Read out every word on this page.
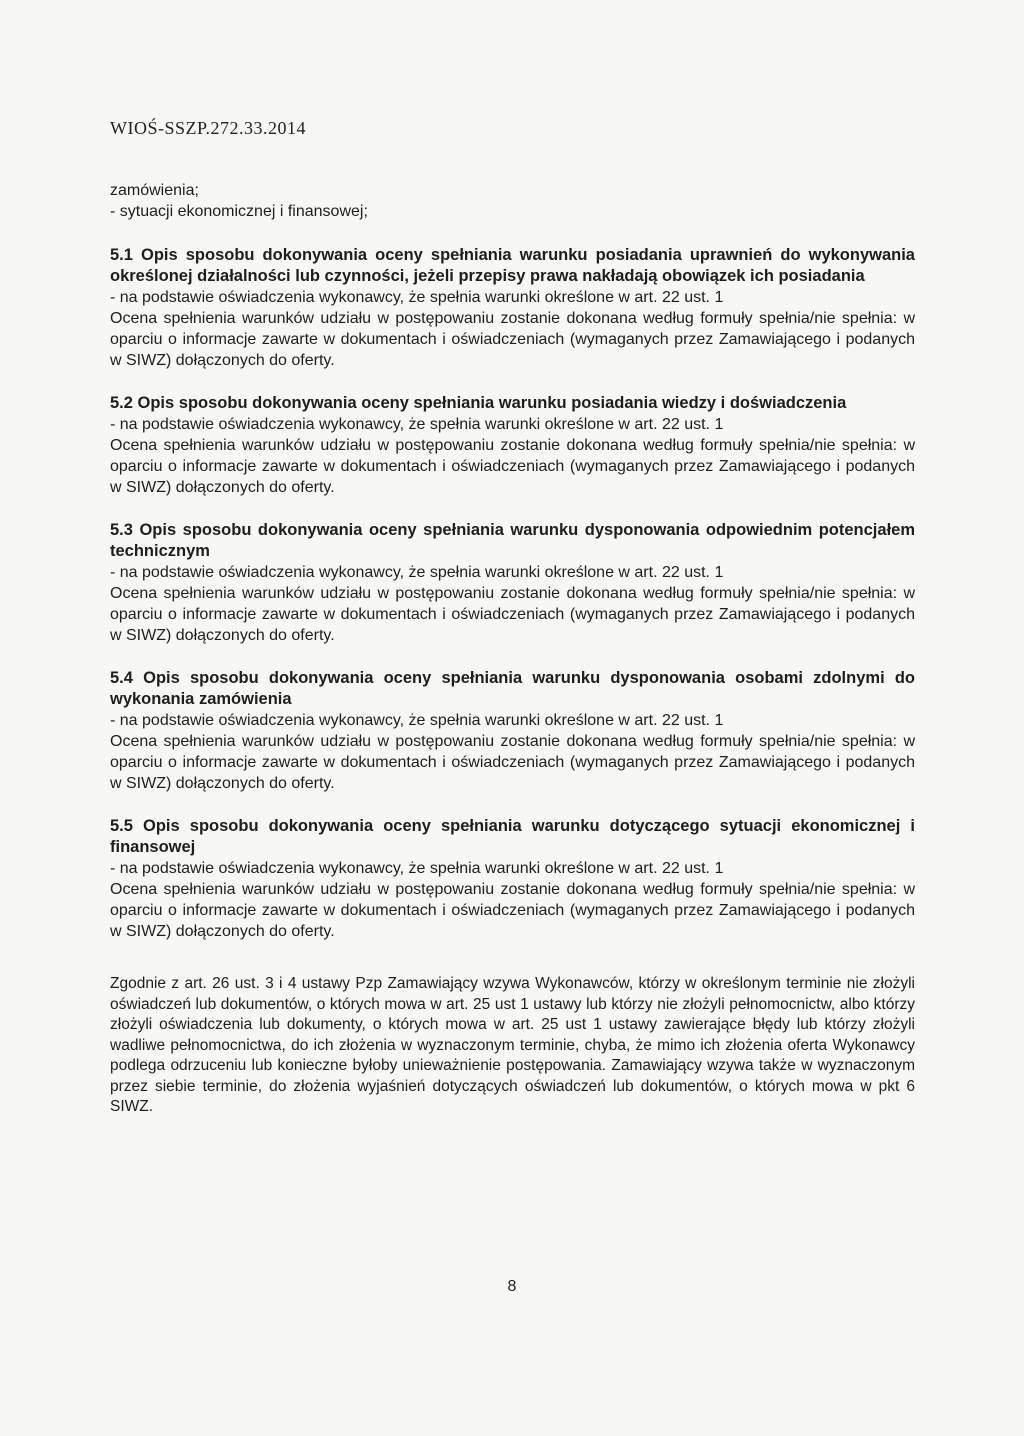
WIOŚ-SSZP.272.33.2014

zamówienia;

- sytuacji ekonomicznej i finansowej;

5.1 Opis sposobu dokonywania oceny spełniania warunku posiadania uprawnień do wykonywania określonej działalności lub czynności, jeżeli przepisy prawa nakładają obowiązek ich posiadania

- na podstawie oświadczenia wykonawcy, że spełnia warunki określone w art. 22 ust. 1

Ocena spełnienia warunków udziału w postępowaniu zostanie dokonana według formuły spełnia/nie spełnia: w oparciu o informacje zawarte w dokumentach i oświadczeniach (wymaganych przez Zamawiającego i podanych w SIWZ) dołączonych do oferty.

5.2 Opis sposobu dokonywania oceny spełniania warunku posiadania wiedzy i doświadczenia

- na podstawie oświadczenia wykonawcy, że spełnia warunki określone w art. 22 ust. 1

Ocena spełnienia warunków udziału w postępowaniu zostanie dokonana według formuły spełnia/nie spełnia: w oparciu o informacje zawarte w dokumentach i oświadczeniach (wymaganych przez Zamawiającego i podanych w SIWZ) dołączonych do oferty.

5.3 Opis sposobu dokonywania oceny spełniania warunku dysponowania odpowiednim potencjałem technicznym

- na podstawie oświadczenia wykonawcy, że spełnia warunki określone w art. 22 ust. 1

Ocena spełnienia warunków udziału w postępowaniu zostanie dokonana według formuły spełnia/nie spełnia: w oparciu o informacje zawarte w dokumentach i oświadczeniach (wymaganych przez Zamawiającego i podanych w SIWZ) dołączonych do oferty.

5.4 Opis sposobu dokonywania oceny spełniania warunku dysponowania osobami zdolnymi do wykonania zamówienia

- na podstawie oświadczenia wykonawcy, że spełnia warunki określone w art. 22 ust. 1

Ocena spełnienia warunków udziału w postępowaniu zostanie dokonana według formuły spełnia/nie spełnia: w oparciu o informacje zawarte w dokumentach i oświadczeniach (wymaganych przez Zamawiającego i podanych w SIWZ) dołączonych do oferty.

5.5 Opis sposobu dokonywania oceny spełniania warunku dotyczącego sytuacji ekonomicznej i finansowej

- na podstawie oświadczenia wykonawcy, że spełnia warunki określone w art. 22 ust. 1

Ocena spełnienia warunków udziału w postępowaniu zostanie dokonana według formuły spełnia/nie spełnia: w oparciu o informacje zawarte w dokumentach i oświadczeniach (wymaganych przez Zamawiającego i podanych w SIWZ) dołączonych do oferty.

Zgodnie z art. 26 ust. 3 i 4 ustawy Pzp Zamawiający wzywa Wykonawców, którzy w określonym terminie nie złożyli oświadczeń lub dokumentów, o których mowa w art. 25 ust 1 ustawy lub którzy nie złożyli pełnomocnictw, albo którzy złożyli oświadczenia lub dokumenty, o których mowa w art. 25 ust 1 ustawy zawierające błędy lub którzy złożyli wadliwe pełnomocnictwa, do ich złożenia w wyznaczonym terminie, chyba, że mimo ich złożenia oferta Wykonawcy podlega odrzuceniu lub konieczne byłoby unieważnienie postępowania. Zamawiający wzywa także w wyznaczonym przez siebie terminie, do złożenia wyjaśnień dotyczących oświadczeń lub dokumentów, o których mowa w pkt 6 SIWZ.

8
